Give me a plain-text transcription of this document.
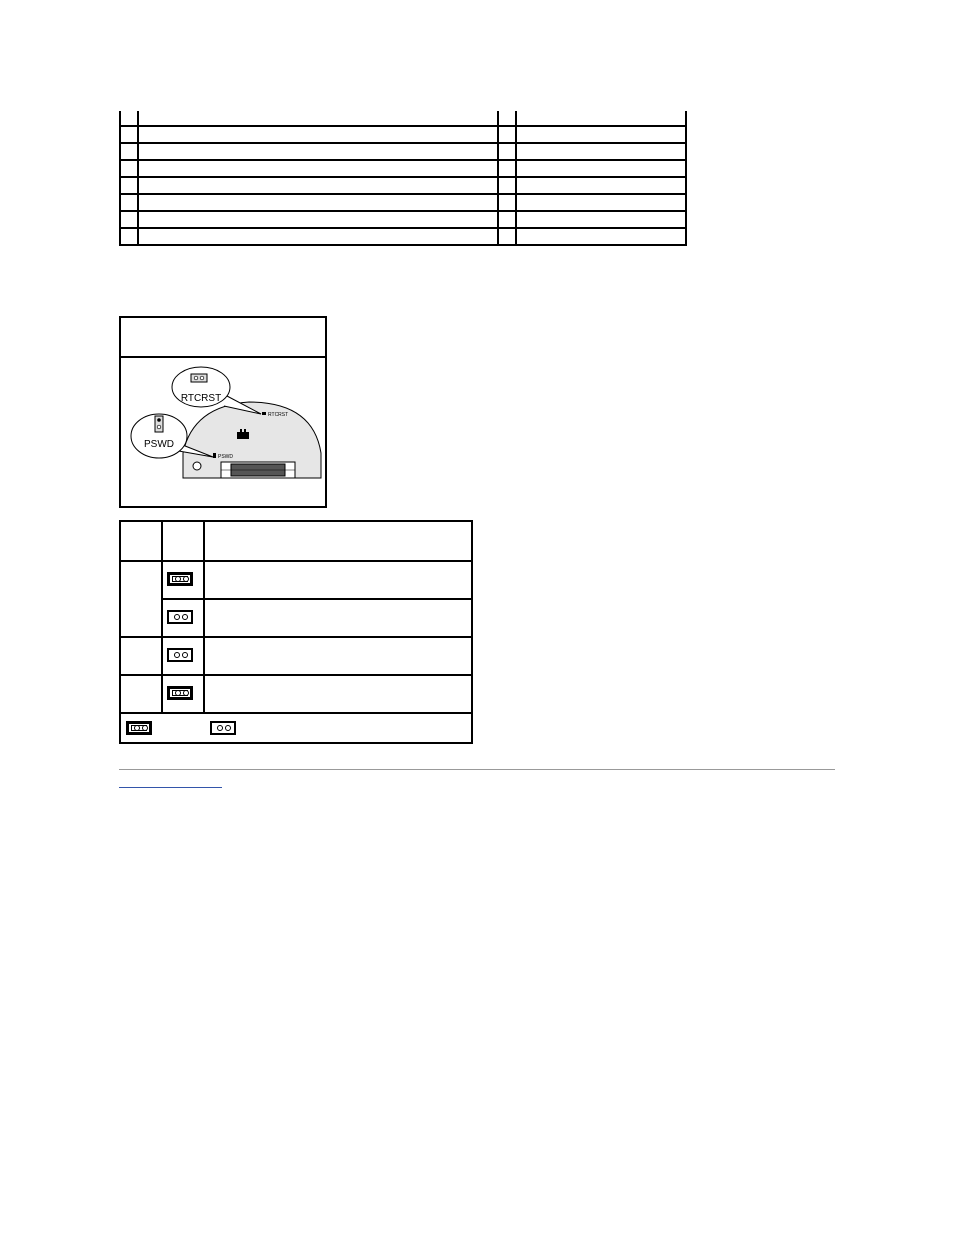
RTCRST
PSWD
RTCRST
PSWD
